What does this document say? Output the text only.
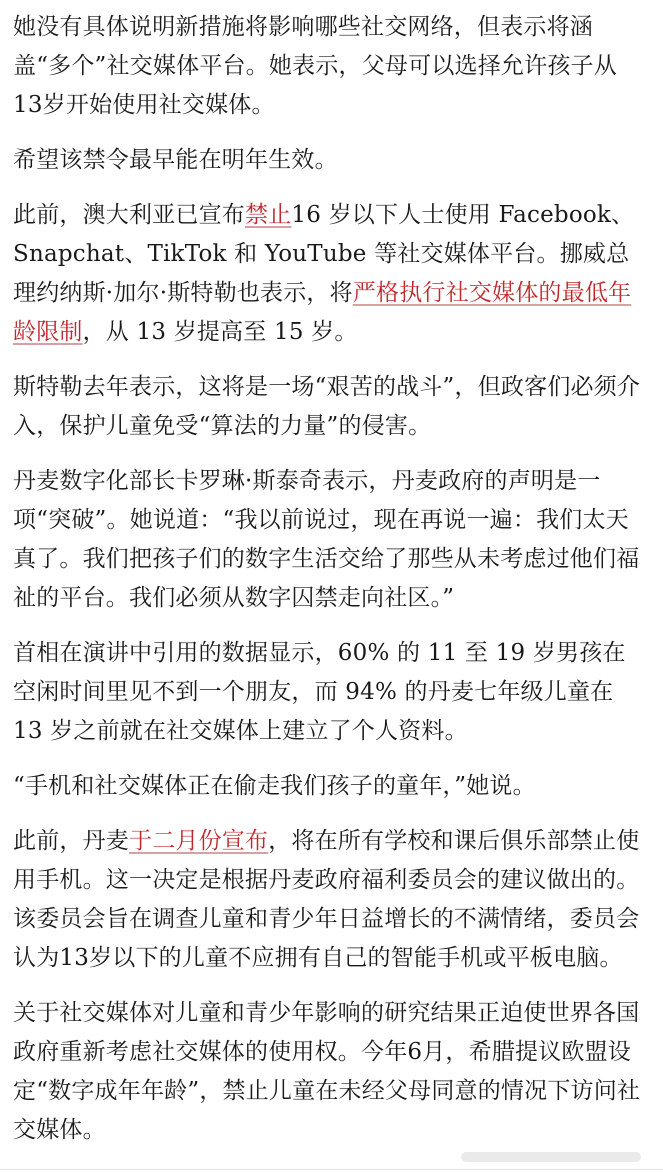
她没有具体说明新措施将影响哪些社交网络，但表示将涵盖“多个”社交媒体平台。她表示，父母可以选择允许孩子从13岁开始使用社交媒体。

希望该禁令最早能在明年生效。

此前，澳大利亚已宣布禁止16 岁以下人士使用 Facebook、Snapchat、TikTok 和 YouTube 等社交媒体平台。挪威总理约纳斯·加尔·斯特勒也表示，将严格执行社交媒体的最低年龄限制，从 13 岁提高至 15 岁。

斯特勒去年表示，这将是一场“艰苦的战斗”，但政客们必须介入，保护儿童免受“算法的力量”的侵害。

丹麦数字化部长卡罗琳·斯泰奇表示，丹麦政府的声明是一项“突破”。她说道：“我以前说过，现在再说一遍：我们太天真了。我们把孩子们的数字生活交给了那些从未考虑过他们福祉的平台。我们必须从数字囚禁走向社区。”

首相在演讲中引用的数据显示，60% 的 11 至 19 岁男孩在空闲时间里见不到一个朋友，而 94% 的丹麦七年级儿童在 13 岁之前就在社交媒体上建立了个人资料。

“手机和社交媒体正在偷走我们孩子的童年，”她说。

此前，丹麦于二月份宣布，将在所有学校和课后俱乐部禁止使用手机。这一决定是根据丹麦政府福利委员会的建议做出的。该委员会旨在调查儿童和青少年日益增长的不满情绪，委员会认为13岁以下的儿童不应拥有自己的智能手机或平板电脑。

关于社交媒体对儿童和青少年影响的研究结果正迫使世界各国政府重新考虑社交媒体的使用权。今年6月，希腊提议欧盟设定“数字成年年龄”，禁止儿童在未经父母同意的情况下访问社交媒体。
